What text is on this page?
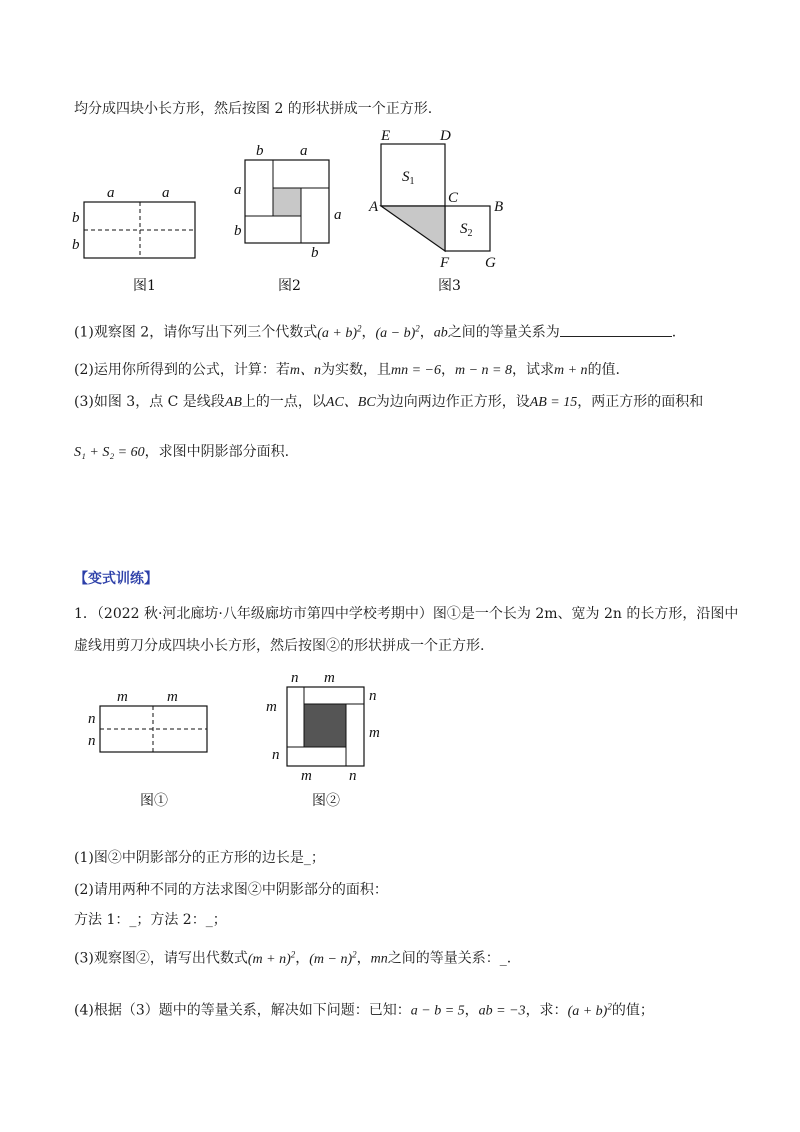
均分成四块小长方形，然后按图 2 的形状拼成一个正方形.
a	a
b
b
图1
b a
a
b
a
b
图2
E	D
A
C
B
F G
$S_1$
$S_2$
图3
(1)观察图 2，请你写出下列三个代数式$(a + b)^2$，$(a - b)^2$，ab之间的等量关系为	.
(2)运用你所得到的公式，计算：若m、n为实数，且mn = −6，m − n = 8，试求m + n的值.
(3)如图 3，点 C 是线段AB上的一点，以AC、BC为边向两边作正方形，设AB = 15，两正方形的面积和
S₁ + S₂ = 60，求图中阴影部分面积.
【变式训练】
1．（2022 秋·河北廊坊·八年级廊坊市第四中学校考期中）图①是一个长为 2m、宽为 2n 的长方形，沿图中
虚线用剪刀分成四块小长方形，然后按图②的形状拼成一个正方形.
m	m
n
n
图①
n m
m
n
n
m
m n
图②
(1)图②中阴影部分的正方形的边长是_；
(2)请用两种不同的方法求图②中阴影部分的面积：
方法 1：_；方法 2：_；
(3)观察图②，请写出代数式$(m + n)^2$，$(m - n)^2$，mn之间的等量关系：_.
(4)根据（3）题中的等量关系，解决如下问题：已知：a − b = 5，ab = −3，求：$(a + b)^2$的值；
